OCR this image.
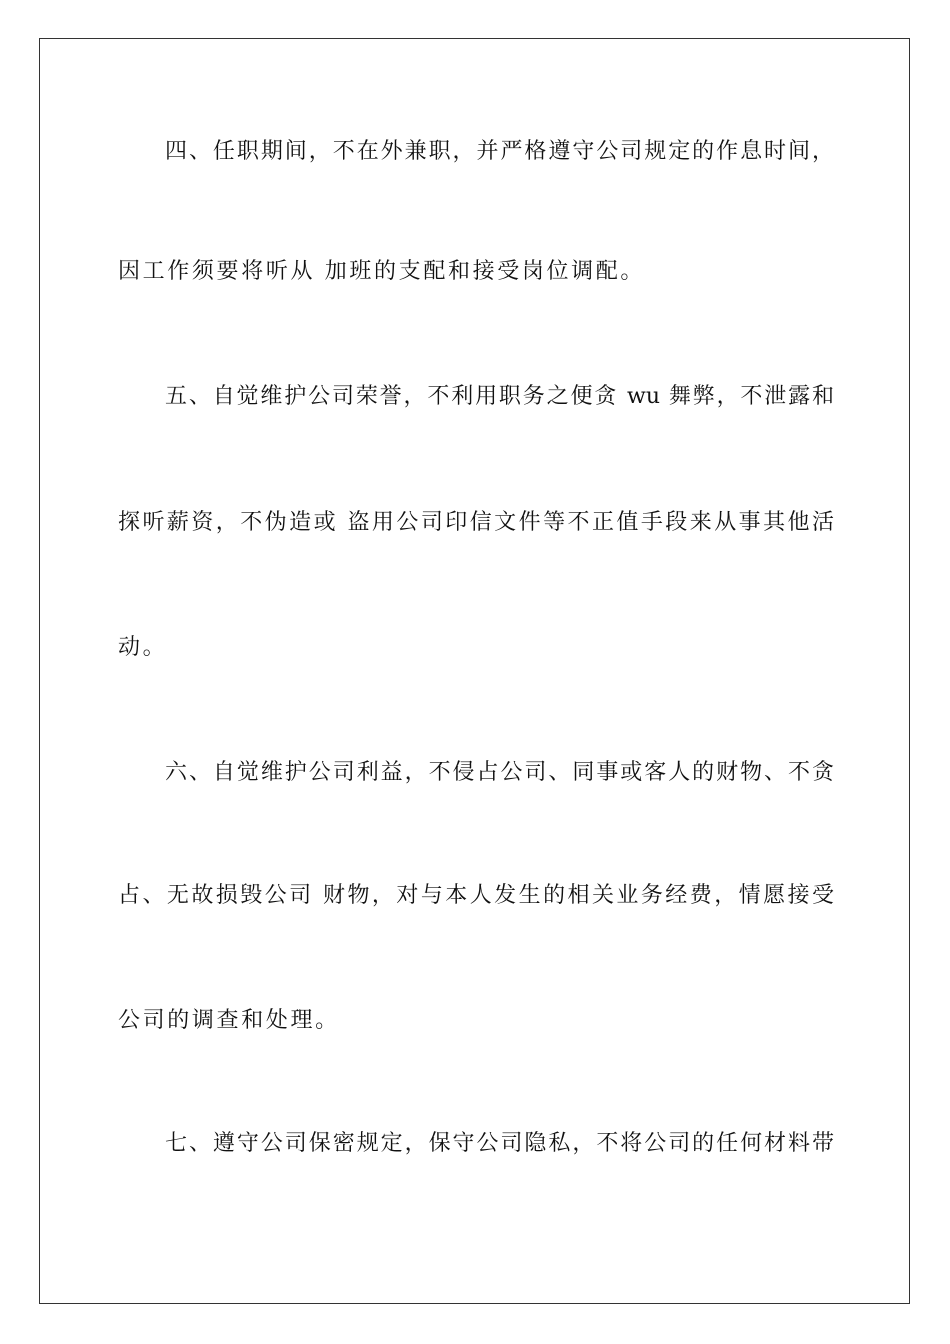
四、任职期间，不在外兼职，并严格遵守公司规定的作息时间，
因工作须要将听从 加班的支配和接受岗位调配。
五、自觉维护公司荣誉，不利用职务之便贪 wu 舞弊，不泄露和
探听薪资，不伪造或 盗用公司印信文件等不正值手段来从事其他活
动。
六、自觉维护公司利益，不侵占公司、同事或客人的财物、不贪
占、无故损毁公司 财物，对与本人发生的相关业务经费，情愿接受
公司的调查和处理。
七、遵守公司保密规定，保守公司隐私，不将公司的任何材料带
